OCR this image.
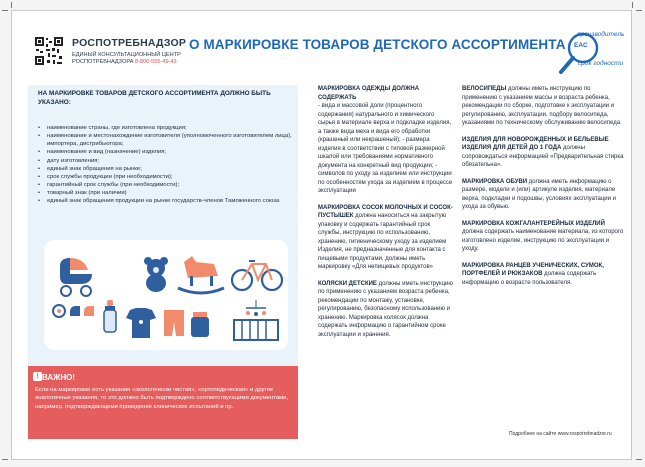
РОСПОТРЕБНАДЗОР
ЕДИНЫЙ КОНСУЛЬТАЦИОННЫЙ ЦЕНТР
РОСПОТРЕБНАДЗОРА 8-800-555-49-43
О МАРКИРОВКЕ ТОВАРОВ ДЕТСКОГО АССОРТИМЕНТА
производитель
EAC
срок годности
НА МАРКИРОВКЕ ТОВАРОВ ДЕТСКОГО АССОРТИМЕНТА ДОЛЖНО БЫТЬ УКАЗАНО:
• наименование страны, где изготовлена продукция;
• наименование и местонахождение изготовителя (уполномоченного изготовителем лица), импортера, дистрибьютора;
• наименование и вид (назначение) изделия;
• дату изготовления;
• единый знак обращения на рынке;
• срок службы продукции (при необходимости);
• гарантийный срок службы (при необходимости);
• товарный знак (при наличии)
• единый знак обращения продукции на рынке государств-членов Таможенного союза
! ВАЖНО!
Если на маркировке есть указания «экологически чистая», «ортопедическая» и другие аналогичные указания, то это должно быть подтверждено соответствующими документами, например, подтверждающими проведение клинических испытаний и пр.

МАРКИРОВКА ОДЕЖДЫ ДОЛЖНА СОДЕРЖАТЬ
- вида и массовой доли (процентного содержания) натурального и химического сырья в материале верха и подкладке изделия, а также вида меха и вида его обработки (крашеный или некрашеный); - размера изделия в соответствии с типовой размерной шкалой или требованиями нормативного документа на конкретный вид продукции; - символов по уходу за изделием или инструкции по особенностям ухода за изделием в процессе эксплуатации

МАРКИРОВКА СОСОК МОЛОЧНЫХ И СОСОК-ПУСТЫШЕК должна наноситься на закрытую упаковку и содержать гарантийный срок службы, инструкцию по использованию, хранению, гигиеническому уходу за изделием Изделия, не предназначенные для контакта с пищевыми продуктами, должны иметь маркировку «Для непищевых продуктов»

КОЛЯСКИ ДЕТСКИЕ должны иметь инструкцию по применению с указанием возраста ребенка, рекомендации по монтажу, установке, регулированию, безопасному использованию и хранению. Маркировка колясок должна содержать информацию о гарантийном сроке эксплуатации и хранения.

ВЕЛОСИПЕДЫ должны иметь инструкцию по применению с указанием массы и возраста ребенка, рекомендации по сборке, подготовке к эксплуатации и регулированию, эксплуатации, подбору велосипеда, указаниями по техническому обслуживанию велосипеда.

ИЗДЕЛИЯ ДЛЯ НОВОРОЖДЕННЫХ И БЕЛЬЕВЫЕ ИЗДЕЛИЯ ДЛЯ ДЕТЕЙ ДО 1 ГОДА должны сопровождаться информацией «Предварительная стирка обязательна».

МАРКИРОВКА ОБУВИ должна иметь информацию о размере, модели и (или) артикуле изделия, материале верха, подкладки и подошвы, условиях эксплуатации и ухода за обувью.

МАРКИРОВКА КОЖГАЛАНТЕРЕЙНЫХ ИЗДЕЛИЙ должна содержать наименование материала, из которого изготовлено изделие, инструкцию по эксплуатации и уходу.

МАРКИРОВКА РАНЦЕВ УЧЕНИЧЕСКИХ, СУМОК, ПОРТФЕЛЕЙ И РЮКЗАКОВ должна содержать информацию о возрасте пользователя.

Подробнее на сайте www.rospotrebnadzor.ru
